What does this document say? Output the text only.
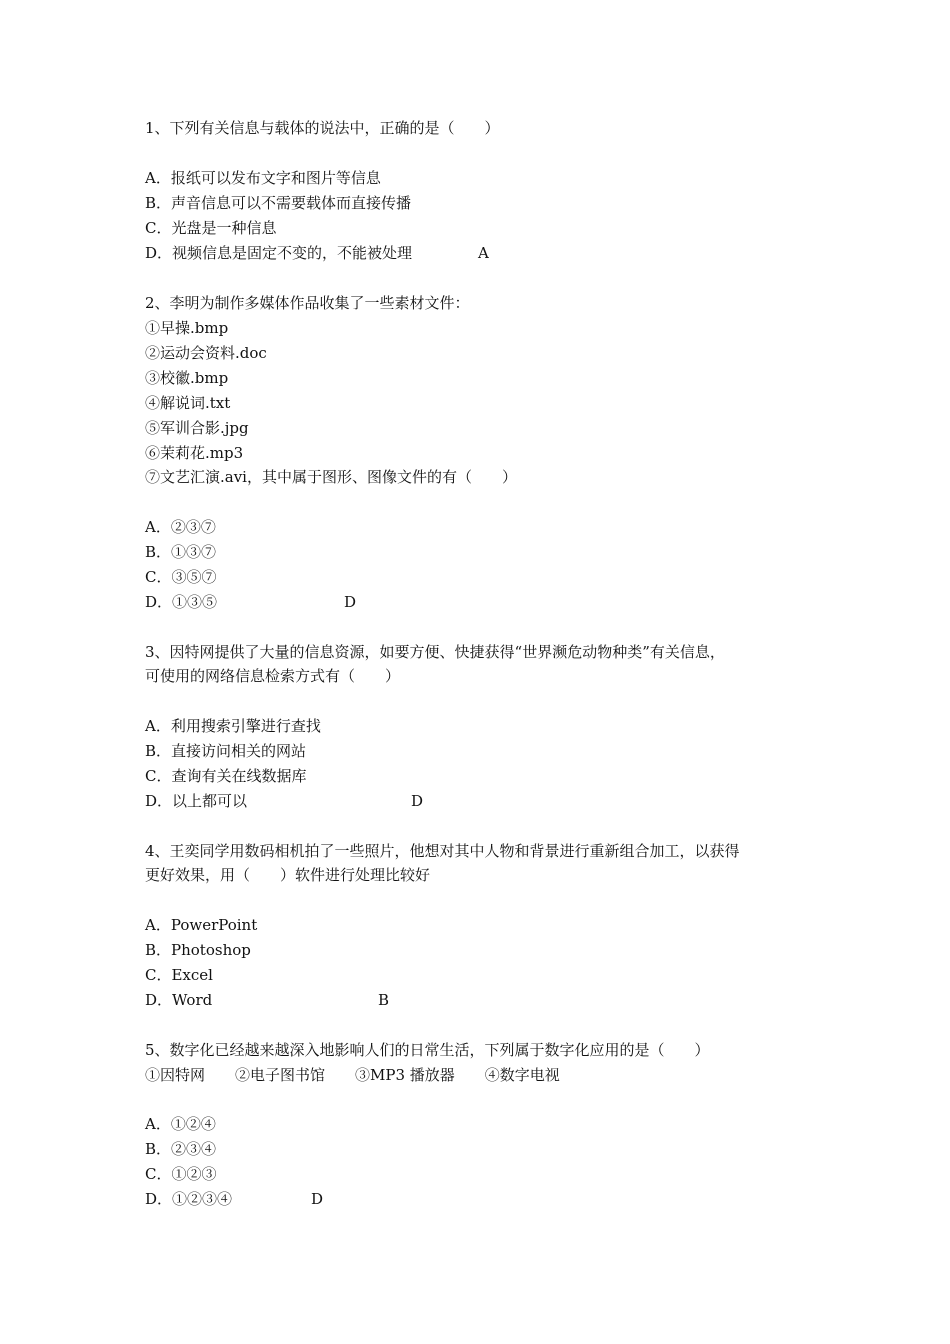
1、下列有关信息与载体的说法中，正确的是（　　）
A．报纸可以发布文字和图片等信息
B．声音信息可以不需要载体而直接传播
C．光盘是一种信息
D．视频信息是固定不变的，不能被处理	A
2、李明为制作多媒体作品收集了一些素材文件：
①早操.bmp
②运动会资料.doc
③校徽.bmp
④解说词.txt
⑤军训合影.jpg
⑥茉莉花.mp3
⑦文艺汇演.avi，其中属于图形、图像文件的有（　　）
A．②③⑦
B．①③⑦
C．③⑤⑦
D．①③⑤	D
3、因特网提供了大量的信息资源，如要方便、快捷获得“世界濒危动物种类”有关信息，
可使用的网络信息检索方式有（　　）
A．利用搜索引擎进行查找
B．直接访问相关的网站
C．查询有关在线数据库
D．以上都可以	D
4、王奕同学用数码相机拍了一些照片，他想对其中人物和背景进行重新组合加工，以获得
更好效果，用（　　）软件进行处理比较好
A．PowerPoint
B．Photoshop
C．Excel
D．Word	B
5、数字化已经越来越深入地影响人们的日常生活，下列属于数字化应用的是（　　）
①因特网　　②电子图书馆　　③MP3 播放器　　④数字电视
A．①②④
B．②③④
C．①②③
D．①②③④	D
